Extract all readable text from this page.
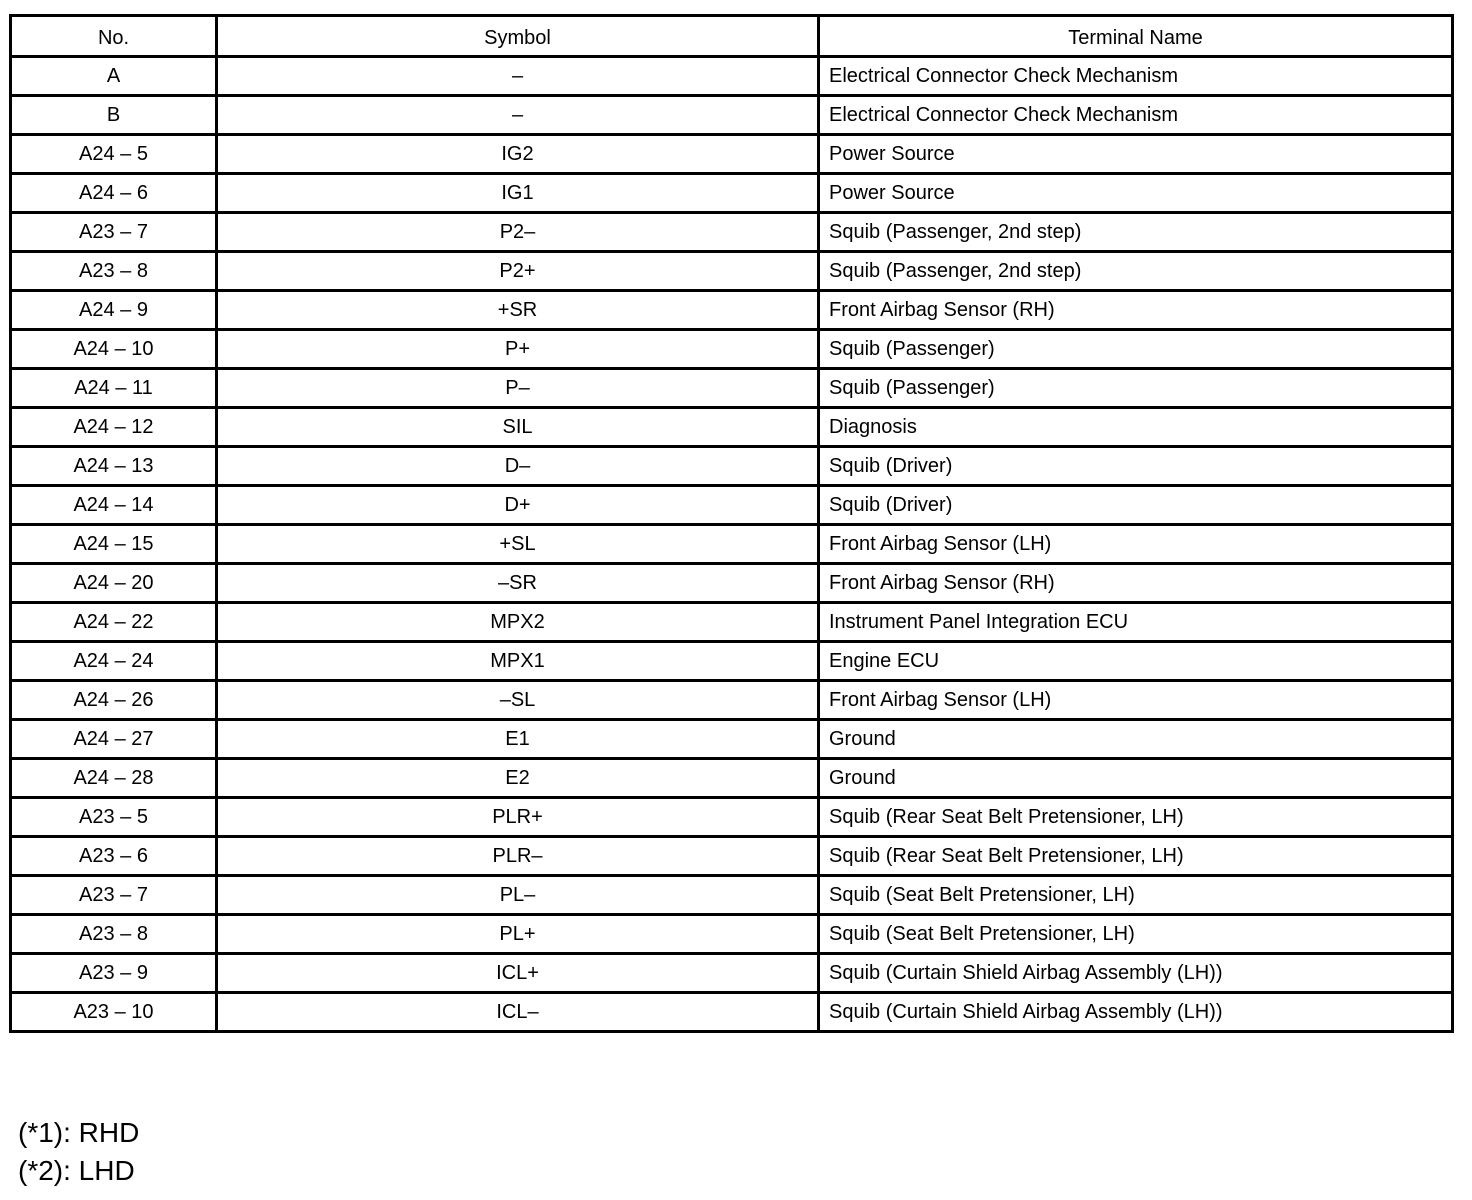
No.	Symbol	Terminal Name
A	–	Electrical Connector Check Mechanism
B	–	Electrical Connector Check Mechanism
A24 – 5	IG2	Power Source
A24 – 6	IG1	Power Source
A23 – 7	P2–	Squib (Passenger, 2nd step)
A23 – 8	P2+	Squib (Passenger, 2nd step)
A24 – 9	+SR	Front Airbag Sensor (RH)
A24 – 10	P+	Squib (Passenger)
A24 – 11	P–	Squib (Passenger)
A24 – 12	SIL	Diagnosis
A24 – 13	D–	Squib (Driver)
A24 – 14	D+	Squib (Driver)
A24 – 15	+SL	Front Airbag Sensor (LH)
A24 – 20	–SR	Front Airbag Sensor (RH)
A24 – 22	MPX2	Instrument Panel Integration ECU
A24 – 24	MPX1	Engine ECU
A24 – 26	–SL	Front Airbag Sensor (LH)
A24 – 27	E1	Ground
A24 – 28	E2	Ground
A23 – 5	PLR+	Squib (Rear Seat Belt Pretensioner, LH)
A23 – 6	PLR–	Squib (Rear Seat Belt Pretensioner, LH)
A23 – 7	PL–	Squib (Seat Belt Pretensioner, LH)
A23 – 8	PL+	Squib (Seat Belt Pretensioner, LH)
A23 – 9	ICL+	Squib (Curtain Shield Airbag Assembly (LH))
A23 – 10	ICL–	Squib (Curtain Shield Airbag Assembly (LH))
(*1): RHD
(*2): LHD
